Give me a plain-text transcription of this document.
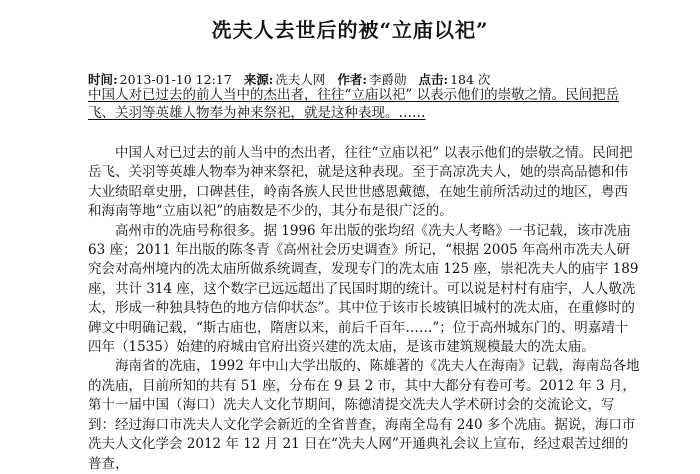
冼夫人去世后的被“立庙以祀”
时间: 2013-01-10 12:17 来源: 冼夫人网 作者: 李爵勋 点击: 184 次
中国人对已过去的前人当中的杰出者，往往“立庙以祀” 以表示他们的崇敬之情。民间把岳飞、关羽等英雄人物奉为神来祭祀，就是这种表现。……

中国人对已过去的前人当中的杰出者，往往“立庙以祀” 以表示他们的崇敬之情。民间把岳飞、关羽等英雄人物奉为神来祭祀，就是这种表现。至于高凉冼夫人，她的崇高品德和伟大业绩昭章史册，口碑甚佳，岭南各族人民世世感恩戴德，在她生前所活动过的地区，粤西和海南等地“立庙以祀”的庙数是不少的，其分布是很广泛的。

高州市的冼庙号称很多。据 1996 年出版的张均绍《冼夫人考略》一书记载，该市冼庙 63 座；2011 年出版的陈冬青《高州社会历史调查》所记，“根据 2005 年高州市冼夫人研究会对高州境内的冼太庙所做系统调查，发现专门的冼太庙 125 座，崇祀冼夫人的庙宇 189 座，共计 314 座，这个数字已远远超出了民国时期的统计。可以说是村村有庙宇，人人敬冼太，形成一种独具特色的地方信仰状态”。其中位于该市长坡镇旧城村的冼太庙，在重修时的碑文中明确记载，“斯古庙也，隋唐以来，前后千百年……”；位于高州城东门的、明嘉靖十四年（1535）始建的府城由官府出资兴建的冼太庙，是该市建筑规模最大的冼太庙。

海南省的冼庙，1992 年中山大学出版的、陈雄著的《冼夫人在海南》记载，海南岛各地的冼庙，目前所知的共有 51 座，分布在 9 县 2 市，其中大都分有卷可考。2012 年 3 月，第十一届中国（海口）冼夫人文化节期间，陈德清提交冼夫人学术研讨会的交流论文，写到：经过海口市冼夫人文化学会新近的全省普查，海南全岛有 240 多个冼庙。据说，海口市冼夫人文化学会 2012 年 12 月 21 日在“冼夫人网”开通典礼会议上宣布，经过艰苦过细的普查，
